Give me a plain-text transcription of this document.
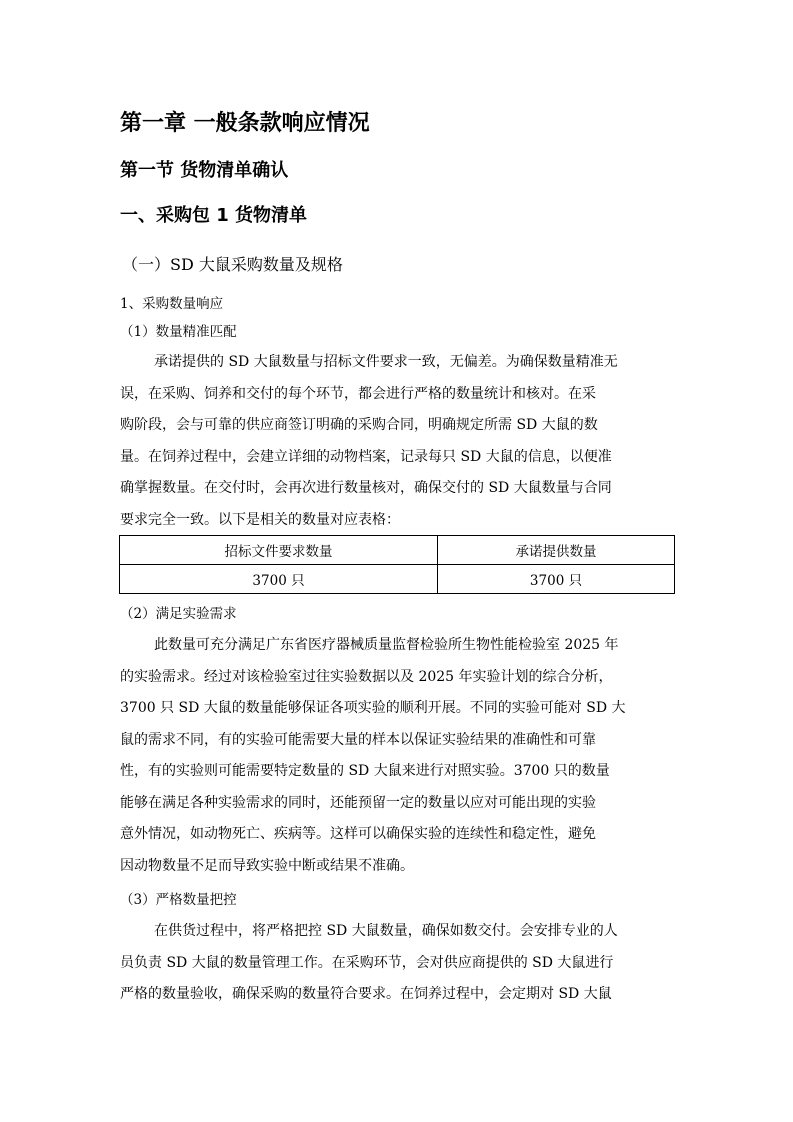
第一章 一般条款响应情况
第一节 货物清单确认
一、采购包 1 货物清单
（一）SD 大鼠采购数量及规格
1、采购数量响应
（1）数量精准匹配
承诺提供的 SD 大鼠数量与招标文件要求一致，无偏差。为确保数量精准无
误，在采购、饲养和交付的每个环节，都会进行严格的数量统计和核对。在采
购阶段，会与可靠的供应商签订明确的采购合同，明确规定所需 SD 大鼠的数
量。在饲养过程中，会建立详细的动物档案，记录每只 SD 大鼠的信息，以便准
确掌握数量。在交付时，会再次进行数量核对，确保交付的 SD 大鼠数量与合同
要求完全一致。以下是相关的数量对应表格：
招标文件要求数量	承诺提供数量
3700 只	3700 只
（2）满足实验需求
此数量可充分满足广东省医疗器械质量监督检验所生物性能检验室 2025 年
的实验需求。经过对该检验室过往实验数据以及 2025 年实验计划的综合分析，
3700 只 SD 大鼠的数量能够保证各项实验的顺利开展。不同的实验可能对 SD 大
鼠的需求不同，有的实验可能需要大量的样本以保证实验结果的准确性和可靠
性，有的实验则可能需要特定数量的 SD 大鼠来进行对照实验。3700 只的数量
能够在满足各种实验需求的同时，还能预留一定的数量以应对可能出现的实验
意外情况，如动物死亡、疾病等。这样可以确保实验的连续性和稳定性，避免
因动物数量不足而导致实验中断或结果不准确。
（3）严格数量把控
在供货过程中，将严格把控 SD 大鼠数量，确保如数交付。会安排专业的人
员负责 SD 大鼠的数量管理工作。在采购环节，会对供应商提供的 SD 大鼠进行
严格的数量验收，确保采购的数量符合要求。在饲养过程中，会定期对 SD 大鼠
